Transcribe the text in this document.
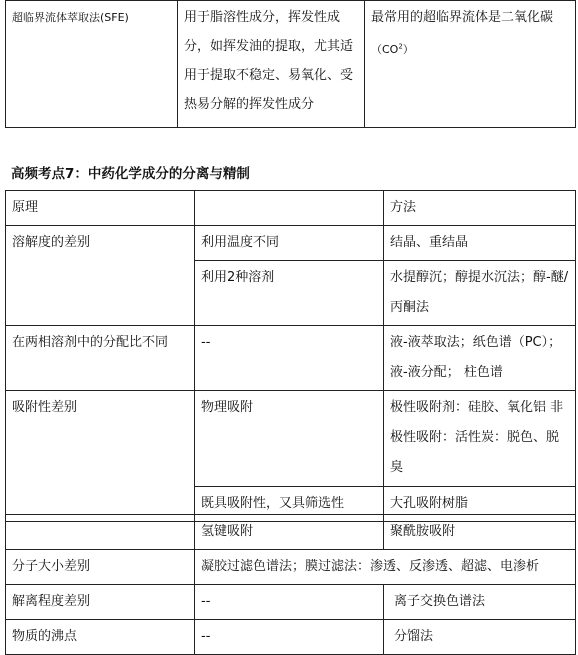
超临界流体萃取法(SFE)	用于脂溶性成分，挥发性成分，如挥发油的提取，尤其适用于提取不稳定、易氧化、受热易分解的挥发性成分	最常用的超临界流体是二氧化碳
$(CO^2)$
高频考点7：中药化学成分的分离与精制
原理		方法
溶解度的差别	利用温度不同	结晶、重结晶
	利用2种溶剂	水提醇沉；醇提水沉法；醇-醚/丙酮法
在两相溶剂中的分配比不同	--	液-液萃取法；纸色谱（PC）；液-液分配； 柱色谱
吸附性差别	物理吸附	极性吸附剂：硅胶、氧化铝 非极性吸附：活性炭：脱色、脱臭
	既具吸附性，又具筛选性	大孔吸附树脂
	氢键吸附	聚酰胺吸附
分子大小差别	凝胶过滤色谱法；膜过滤法：渗透、反渗透、超滤、电渗析	
解离程度差别	--	离子交换色谱法
物质的沸点	--	分馏法
